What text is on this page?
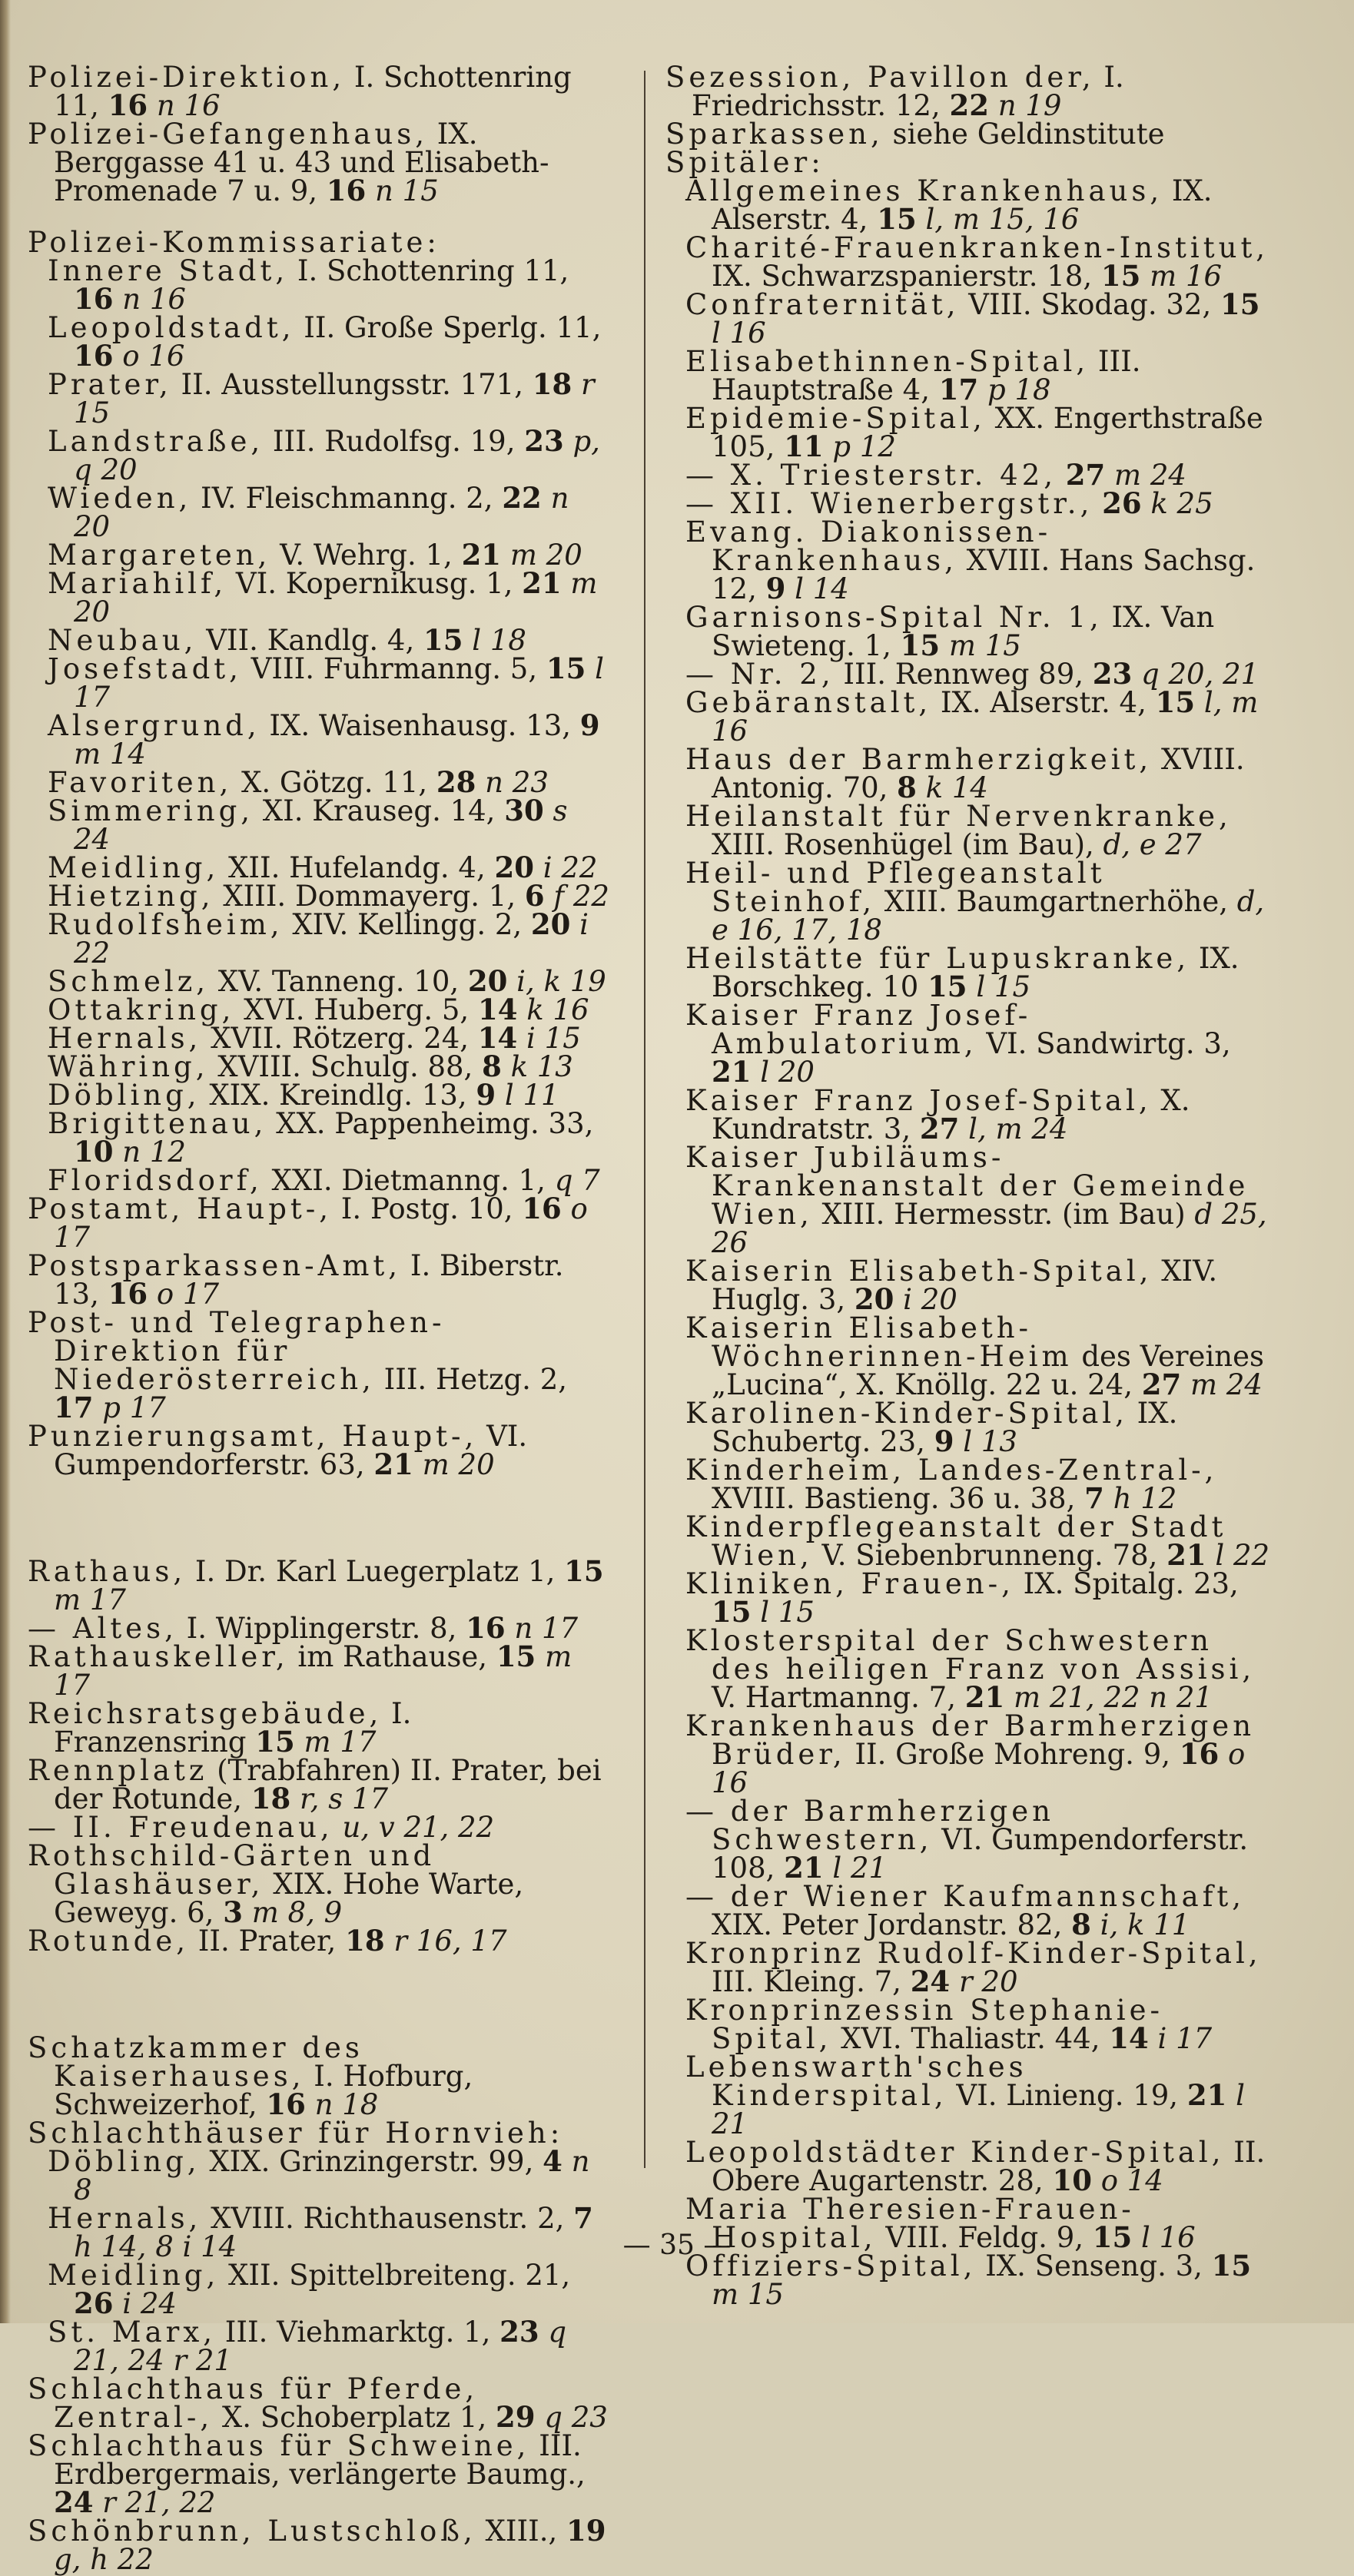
Polizei-Direktion, I. Schottenring 11, 16 n 16

Polizei-Gefangenhaus, IX. Berggasse 41 u. 43 und Elisabeth-Promenade 7 u. 9, 16 n 15

Polizei-Kommissariate:

Innere Stadt, I. Schottenring 11, 16 n 16

Leopoldstadt, II. Große Sperlg. 11, 16 o 16

Prater, II. Ausstellungsstr. 171, 18 r 15

Landstraße, III. Rudolfsg. 19, 23 p, q 20

Wieden, IV. Fleischmanng. 2, 22 n 20

Margareten, V. Wehrg. 1, 21 m 20

Mariahilf, VI. Kopernikusg. 1, 21 m 20

Neubau, VII. Kandlg. 4, 15 l 18

Josefstadt, VIII. Fuhrmanng. 5, 15 l 17

Alsergrund, IX. Waisenhausg. 13, 9 m 14

Favoriten, X. Götzg. 11, 28 n 23

Simmering, XI. Krauseg. 14, 30 s 24

Meidling, XII. Hufelandg. 4, 20 i 22

Hietzing, XIII. Dommayerg. 1, 6 f 22

Rudolfsheim, XIV. Kellingg. 2, 20 i 22

Schmelz, XV. Tanneng. 10, 20 i, k 19

Ottakring, XVI. Huberg. 5, 14 k 16

Hernals, XVII. Rötzerg. 24, 14 i 15

Währing, XVIII. Schulg. 88, 8 k 13

Döbling, XIX. Kreindlg. 13, 9 l 11

Brigittenau, XX. Pappenheimg. 33, 10 n 12

Floridsdorf, XXI. Dietmanng. 1, q 7

Postamt, Haupt-, I. Postg. 10, 16 o 17

Postsparkassen-Amt, I. Biberstr. 13, 16 o 17

Post- und Telegraphen-Direktion für Niederösterreich, III. Hetzg. 2, 17 p 17

Punzierungsamt, Haupt-, VI. Gumpendorferstr. 63, 21 m 20

Rathaus, I. Dr. Karl Luegerplatz 1, 15 m 17

— Altes, I. Wipplingerstr. 8, 16 n 17

Rathauskeller, im Rathause, 15 m 17

Reichsratsgebäude, I. Franzensring 15 m 17

Rennplatz (Trabfahren) II. Prater, bei der Rotunde, 18 r, s 17

— II. Freudenau, u, v 21, 22

Rothschild-Gärten und Glashäuser, XIX. Hohe Warte, Geweyg. 6, 3 m 8, 9

Rotunde, II. Prater, 18 r 16, 17

Schatzkammer des Kaiserhauses, I. Hofburg, Schweizerhof, 16 n 18

Schlachthäuser für Hornvieh:

Döbling, XIX. Grinzingerstr. 99, 4 n 8

Hernals, XVIII. Richthausenstr. 2, 7 h 14, 8 i 14

Meidling, XII. Spittelbreiteng. 21, 26 i 24

St. Marx, III. Viehmarktg. 1, 23 q 21, 24 r 21

Schlachthaus für Pferde, Zentral-, X. Schoberplatz 1, 29 q 23

Schlachthaus für Schweine, III. Erdbergermais, verlängerte Baumg., 24 r 21, 22

Schönbrunn, Lustschloß, XIII., 19 g, h 22

Sezession, Pavillon der, I. Friedrichsstr. 12, 22 n 19

Sparkassen, siehe Geldinstitute

Spitäler:

Allgemeines Krankenhaus, IX. Alserstr. 4, 15 l, m 15, 16

Charité-Frauenkranken-Institut, IX. Schwarzspanierstr. 18, 15 m 16

Confraternität, VIII. Skodag. 32, 15 l 16

Elisabethinnen-Spital, III. Hauptstraße 4, 17 p 18

Epidemie-Spital, XX. Engerthstraße 105, 11 p 12

— X. Triesterstr. 42, 27 m 24

— XII. Wienerbergstr., 26 k 25

Evang. Diakonissen-Krankenhaus, XVIII. Hans Sachsg. 12, 9 l 14

Garnisons-Spital Nr. 1, IX. Van Swieteng. 1, 15 m 15

— Nr. 2, III. Rennweg 89, 23 q 20, 21

Gebäranstalt, IX. Alserstr. 4, 15 l, m 16

Haus der Barmherzigkeit, XVIII. Antonig. 70, 8 k 14

Heilanstalt für Nervenkranke, XIII. Rosenhügel (im Bau), d, e 27

Heil- und Pflegeanstalt Steinhof, XIII. Baumgartnerhöhe, d, e 16, 17, 18

Heilstätte für Lupuskranke, IX. Borschkeg. 10 15 l 15

Kaiser Franz Josef-Ambulatorium, VI. Sandwirtg. 3, 21 l 20

Kaiser Franz Josef-Spital, X. Kundratstr. 3, 27 l, m 24

Kaiser Jubiläums-Krankenanstalt der Gemeinde Wien, XIII. Hermesstr. (im Bau) d 25, 26

Kaiserin Elisabeth-Spital, XIV. Huglg. 3, 20 i 20

Kaiserin Elisabeth-Wöchnerinnen-Heim des Vereines „Lucina“, X. Knöllg. 22 u. 24, 27 m 24

Karolinen-Kinder-Spital, IX. Schubertg. 23, 9 l 13

Kinderheim, Landes-Zentral-, XVIII. Bastieng. 36 u. 38, 7 h 12

Kinderpflegeanstalt der Stadt Wien, V. Siebenbrunneng. 78, 21 l 22

Kliniken, Frauen-, IX. Spitalg. 23, 15 l 15

Klosterspital der Schwestern des heiligen Franz von Assisi, V. Hartmanng. 7, 21 m 21, 22 n 21

Krankenhaus der Barmherzigen Brüder, II. Große Mohreng. 9, 16 o 16

— der Barmherzigen Schwestern, VI. Gumpendorferstr. 108, 21 l 21

— der Wiener Kaufmannschaft, XIX. Peter Jordanstr. 82, 8 i, k 11

Kronprinz Rudolf-Kinder-Spital, III. Kleing. 7, 24 r 20

Kronprinzessin Stephanie-Spital, XVI. Thaliastr. 44, 14 i 17

Lebenswarth'sches Kinderspital, VI. Linieng. 19, 21 l 21

Leopoldstädter Kinder-Spital, II. Obere Augartenstr. 28, 10 o 14

Maria Theresien-Frauen-Hospital, VIII. Feldg. 9, 15 l 16

Offiziers-Spital, IX. Senseng. 3, 15 m 15

— 35 —
